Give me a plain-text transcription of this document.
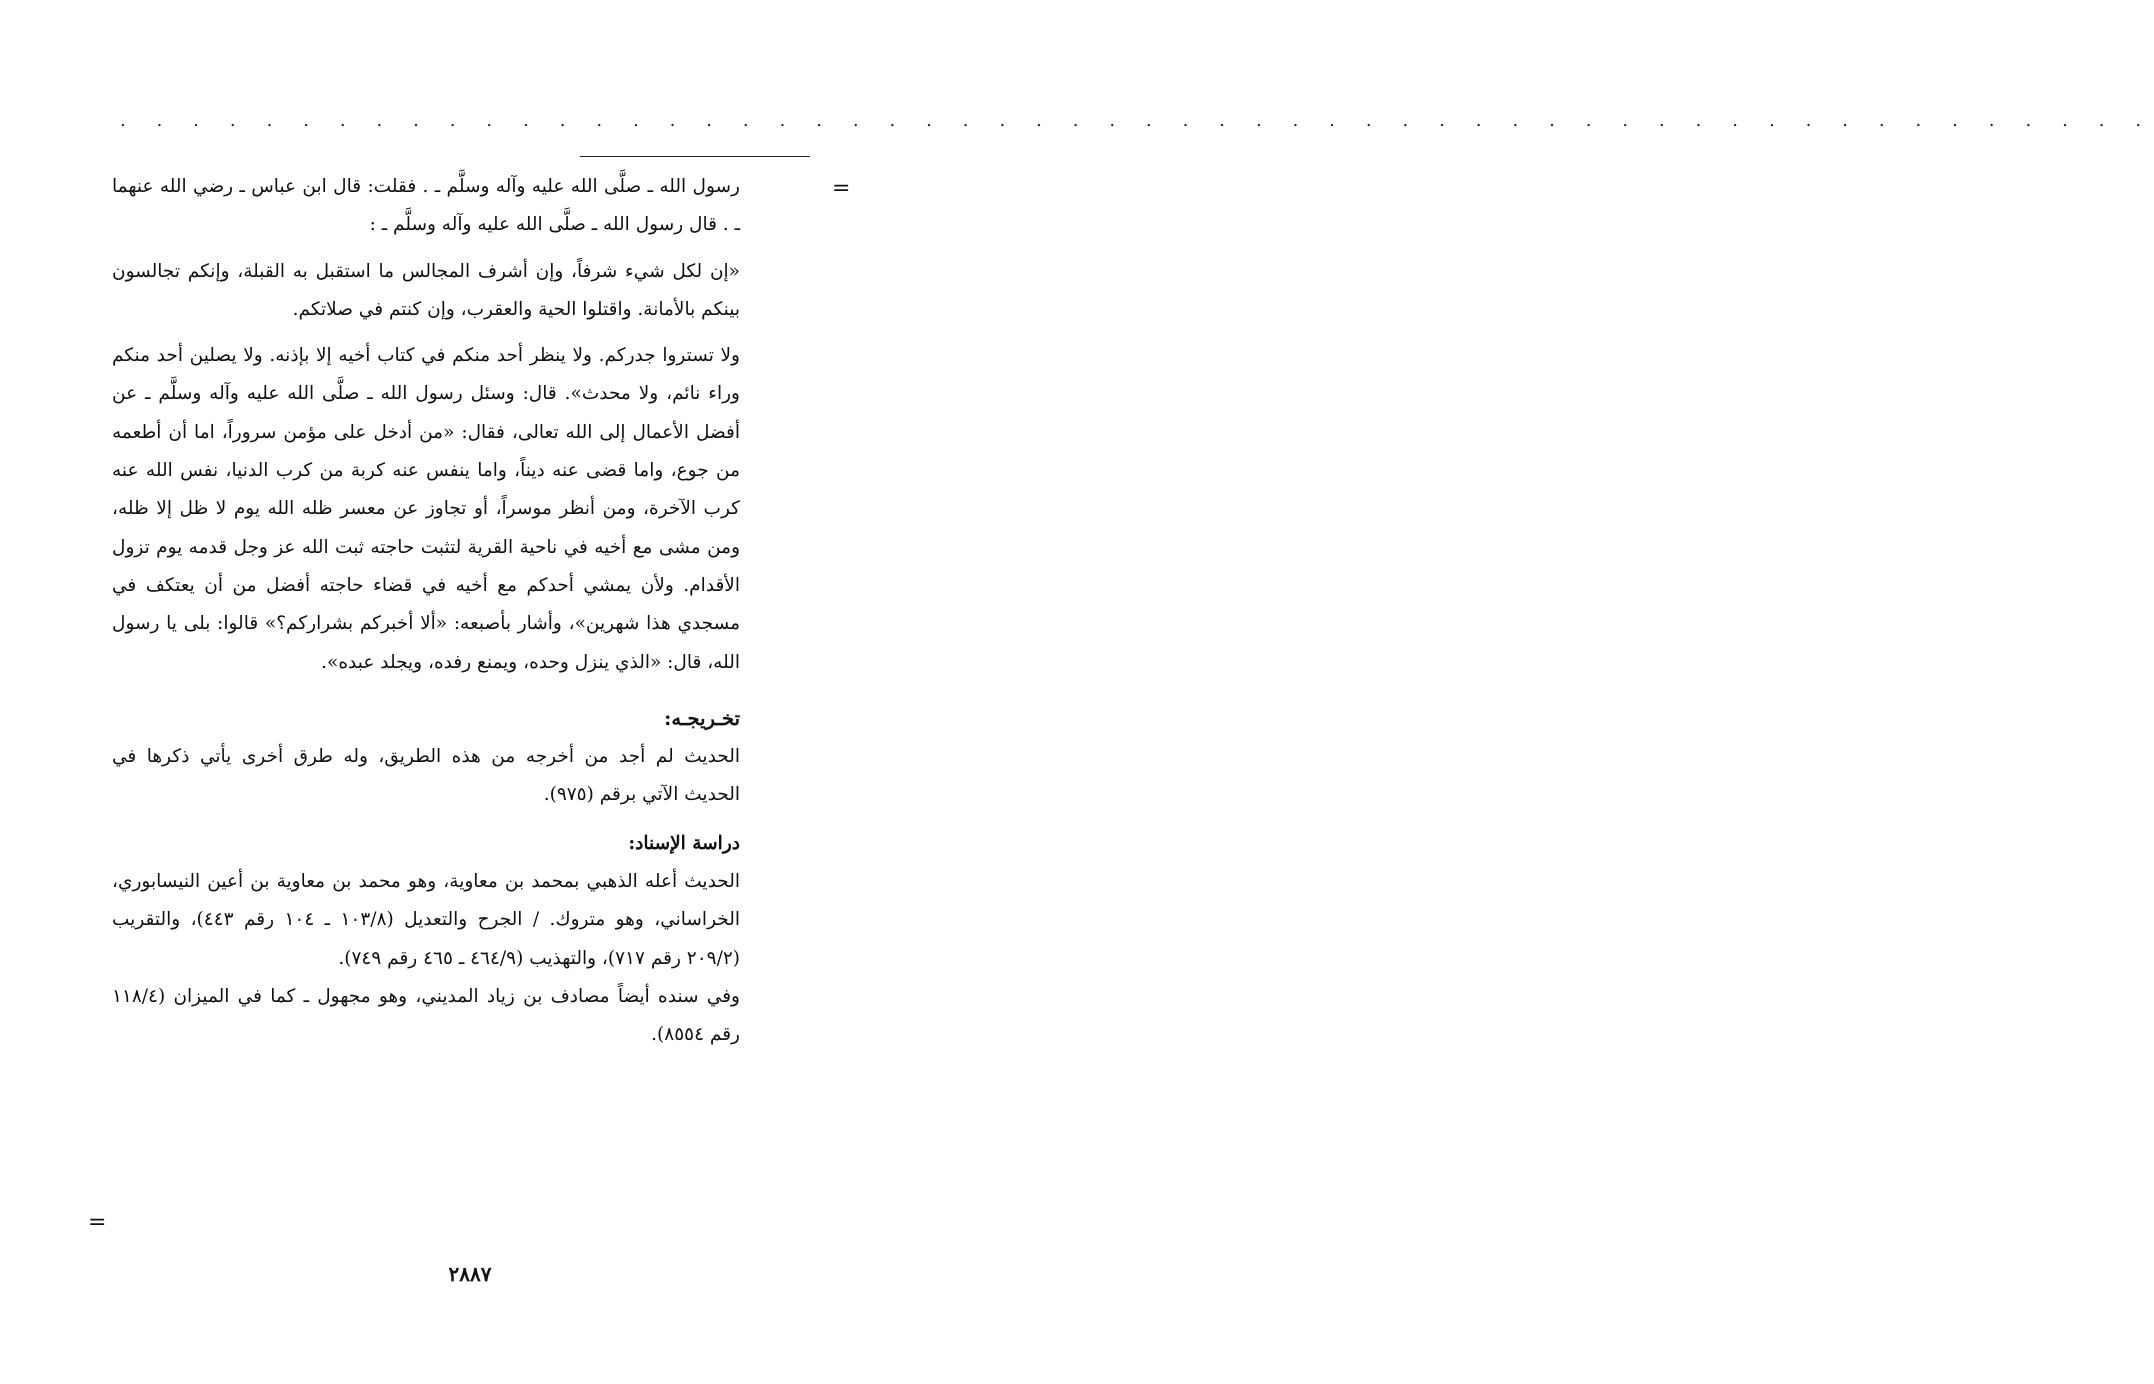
. . . . . . . . . . . . . . . . . . . . . . . . . . . . . . . . . . . . . . . . . . . . . . . . . . . . . . . .
=

رسول الله ـ صلَّى الله عليه وآله وسلَّم ـ . فقلت: قال ابن عباس ـ رضي الله عنهما ـ . قال رسول الله ـ صلَّى الله عليه وآله وسلَّم ـ :

«إن لكل شيء شرفاً، وإن أشرف المجالس ما استقبل به القبلة، وإنكم تجالسون بينكم بالأمانة. واقتلوا الحية والعقرب، وإن كنتم في صلاتكم.

ولا تستروا جدركم. ولا ينظر أحد منكم في كتاب أخيه إلا بإذنه. ولا يصلين أحد منكم وراء نائم، ولا محدث». قال: وسئل رسول الله ـ صلَّى الله عليه وآله وسلَّم ـ عن أفضل الأعمال إلى الله تعالى، فقال: «من أدخل على مؤمن سروراً، اما أن أطعمه من جوع، واما قضى عنه ديناً، واما ينفس عنه كربة من كرب الدنيا، نفس الله عنه كرب الآخرة، ومن أنظر موسراً، أو تجاوز عن معسر ظله الله يوم لا ظل إلا ظله، ومن مشى مع أخيه في ناحية القرية لتثبت حاجته ثبت الله عز وجل قدمه يوم تزول الأقدام. ولأن يمشي أحدكم مع أخيه في قضاء حاجته أفضل من أن يعتكف في مسجدي هذا شهرين»، وأشار بأصبعه: «ألا أخبركم بشراركم؟» قالوا: بلى يا رسول الله، قال: «الذي ينزل وحده، ويمنع رفده، ويجلد عبده».

تخـريجـه:

الحديث لم أجد من أخرجه من هذه الطريق، وله طرق أخرى يأتي ذكرها في الحديث الآتي برقم (٩٧٥).

دراسة الإسناد:

الحديث أعله الذهبي بمحمد بن معاوية، وهو محمد بن معاوية بن أعين النيسابوري، الخراساني، وهو متروك. / الجرح والتعديل (١٠٣/٨ ـ ١٠٤ رقم ٤٤٣)، والتقريب (٢٠٩/٢ رقم ٧١٧)، والتهذيب (٤٦٤/٩ ـ ٤٦٥ رقم ٧٤٩).

وفي سنده أيضاً مصادف بن زياد المديني، وهو مجهول ـ كما في الميزان (١١٨/٤ رقم ٨٥٥٤).

=
٢٨٨٧
